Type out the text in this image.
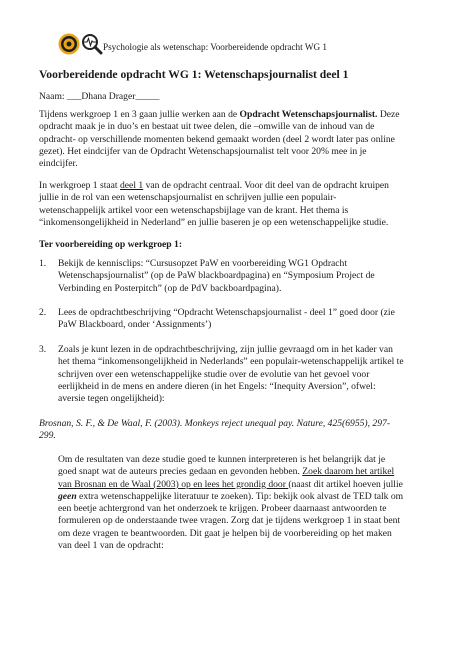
Psychologie als wetenschap: Voorbereidende opdracht WG 1
Voorbereidende opdracht WG 1: Wetenschapsjournalist deel 1
Naam: ___Dhana Drager_____
Tijdens werkgroep 1 en 3 gaan jullie werken aan de Opdracht Wetenschapsjournalist. Deze
opdracht maak je in duo’s en bestaat uit twee delen, die –omwille van de inhoud van de
opdracht- op verschillende momenten bekend gemaakt worden (deel 2 wordt later pas online
gezet). Het eindcijfer van de Opdracht Wetenschapsjournalist telt voor 20% mee in je
eindcijfer.
In werkgroep 1 staat deel 1 van de opdracht centraal. Voor dit deel van de opdracht kruipen
jullie in de rol van een wetenschapsjournalist en schrijven jullie een populair-
wetenschappelijk artikel voor een wetenschapsbijlage van de krant. Het thema is
“inkomensongelijkheid in Nederland” en jullie baseren je op een wetenschappelijke studie.
Ter voorbereiding op werkgroep 1:
1. Bekijk de kennisclips: “Cursusopzet PaW en voorbereiding WG1 Opdracht
Wetenschapsjournalist” (op de PaW blackboardpagina) en “Symposium Project de
Verbinding en Posterpitch” (op de PdV backboardpagina).
2. Lees de opdrachtbeschrijving “Opdracht Wetenschapsjournalist - deel 1” goed door (zie
PaW Blackboard, onder ‘Assignments’)
3. Zoals je kunt lezen in de opdrachtbeschrijving, zijn jullie gevraagd om in het kader van
het thema “inkomensongelijkheid in Nederlands” een populair-wetenschappelijk artikel te
schrijven over een wetenschappelijke studie over de evolutie van het gevoel voor
eerlijkheid in de mens en andere dieren (in het Engels: “Inequity Aversion”, ofwel:
aversie tegen ongelijkheid):
Brosnan, S. F., & De Waal, F. (2003). Monkeys reject unequal pay. Nature, 425(6955), 297-
299.
Om de resultaten van deze studie goed te kunnen interpreteren is het belangrijk dat je
goed snapt wat de auteurs precies gedaan en gevonden hebben. Zoek daarom het artikel
van Brosnan en de Waal (2003) op en lees het grondig door (naast dit artikel hoeven jullie
geen extra wetenschappelijke literatuur te zoeken). Tip: bekijk ook alvast de TED talk om
een beetje achtergrond van het onderzoek te krijgen. Probeer daarnaast antwoorden te
formuleren op de onderstaande twee vragen. Zorg dat je tijdens werkgroep 1 in staat bent
om deze vragen te beantwoorden. Dit gaat je helpen bij de voorbereiding op het maken
van deel 1 van de opdracht:
